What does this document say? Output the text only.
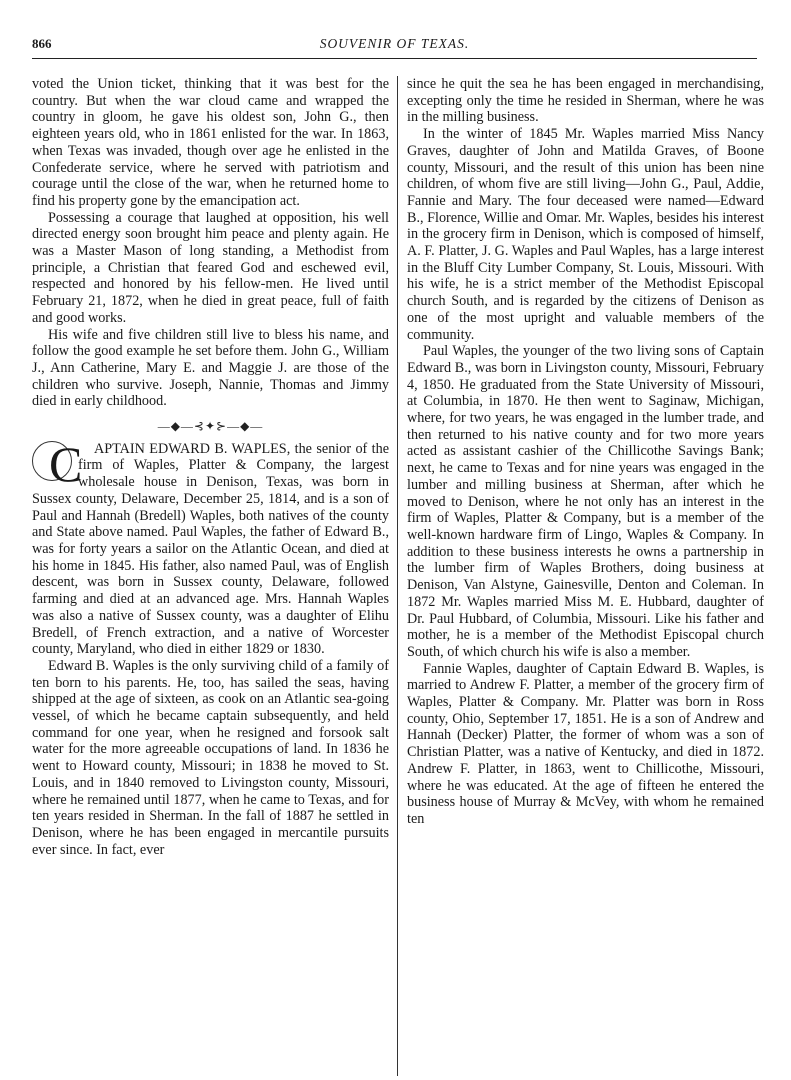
866	SOUVENIR OF TEXAS.

voted the Union ticket, thinking that it was best for the country. But when the war cloud came and wrapped the country in gloom, he gave his oldest son, John G., then eighteen years old, who in 1861 enlisted for the war. In 1863, when Texas was invaded, though over age he enlisted in the Confederate service, where he served with patriotism and courage until the close of the war, when he returned home to find his property gone by the emancipation act.

Possessing a courage that laughed at opposition, his well directed energy soon brought him peace and plenty again. He was a Master Mason of long standing, a Methodist from principle, a Christian that feared God and eschewed evil, respected and honored by his fellow-men. He lived until February 21, 1872, when he died in great peace, full of faith and good works.

His wife and five children still live to bless his name, and follow the good example he set before them. John G., William J., Ann Catherine, Mary E. and Maggie J. are those of the children who survive. Joseph, Nannie, Thomas and Jimmy died in early childhood.

—◆—⊰✦⊱—◆—

C APTAIN EDWARD B. WAPLES, the senior of the firm of Waples, Platter & Company, the largest wholesale house in Denison, Texas, was born in Sussex county, Delaware, December 25, 1814, and is a son of Paul and Hannah (Bredell) Waples, both natives of the county and State above named. Paul Waples, the father of Edward B., was for forty years a sailor on the Atlantic Ocean, and died at his home in 1845. His father, also named Paul, was of English descent, was born in Sussex county, Delaware, followed farming and died at an advanced age. Mrs. Hannah Waples was also a native of Sussex county, was a daughter of Elihu Bredell, of French extraction, and a native of Worcester county, Maryland, who died in either 1829 or 1830.

Edward B. Waples is the only surviving child of a family of ten born to his parents. He, too, has sailed the seas, having shipped at the age of sixteen, as cook on an Atlantic sea-going vessel, of which he became captain subsequently, and held command for one year, when he resigned and forsook salt water for the more agreeable occupations of land. In 1836 he went to Howard county, Missouri; in 1838 he moved to St. Louis, and in 1840 removed to Livingston county, Missouri, where he remained until 1877, when he came to Texas, and for ten years resided in Sherman. In the fall of 1887 he settled in Denison, where he has been engaged in mercantile pursuits ever since. In fact, ever

since he quit the sea he has been engaged in merchandising, excepting only the time he resided in Sherman, where he was in the milling business.

In the winter of 1845 Mr. Waples married Miss Nancy Graves, daughter of John and Matilda Graves, of Boone county, Missouri, and the result of this union has been nine children, of whom five are still living—John G., Paul, Addie, Fannie and Mary. The four deceased were named—Edward B., Florence, Willie and Omar. Mr. Waples, besides his interest in the grocery firm in Denison, which is composed of himself, A. F. Platter, J. G. Waples and Paul Waples, has a large interest in the Bluff City Lumber Company, St. Louis, Missouri. With his wife, he is a strict member of the Methodist Episcopal church South, and is regarded by the citizens of Denison as one of the most upright and valuable members of the community.

Paul Waples, the younger of the two living sons of Captain Edward B., was born in Livingston county, Missouri, February 4, 1850. He graduated from the State University of Missouri, at Columbia, in 1870. He then went to Saginaw, Michigan, where, for two years, he was engaged in the lumber trade, and then returned to his native county and for two more years acted as assistant cashier of the Chillicothe Savings Bank; next, he came to Texas and for nine years was engaged in the lumber and milling business at Sherman, after which he moved to Denison, where he not only has an interest in the firm of Waples, Platter & Company, but is a member of the well-known hardware firm of Lingo, Waples & Company. In addition to these business interests he owns a partnership in the lumber firm of Waples Brothers, doing business at Denison, Van Alstyne, Gainesville, Denton and Coleman. In 1872 Mr. Waples married Miss M. E. Hubbard, daughter of Dr. Paul Hubbard, of Columbia, Missouri. Like his father and mother, he is a member of the Methodist Episcopal church South, of which church his wife is also a member.

Fannie Waples, daughter of Captain Edward B. Waples, is married to Andrew F. Platter, a member of the grocery firm of Waples, Platter & Company. Mr. Platter was born in Ross county, Ohio, September 17, 1851. He is a son of Andrew and Hannah (Decker) Platter, the former of whom was a son of Christian Platter, was a native of Kentucky, and died in 1872. Andrew F. Platter, in 1863, went to Chillicothe, Missouri, where he was educated. At the age of fifteen he entered the business house of Murray & McVey, with whom he remained ten
